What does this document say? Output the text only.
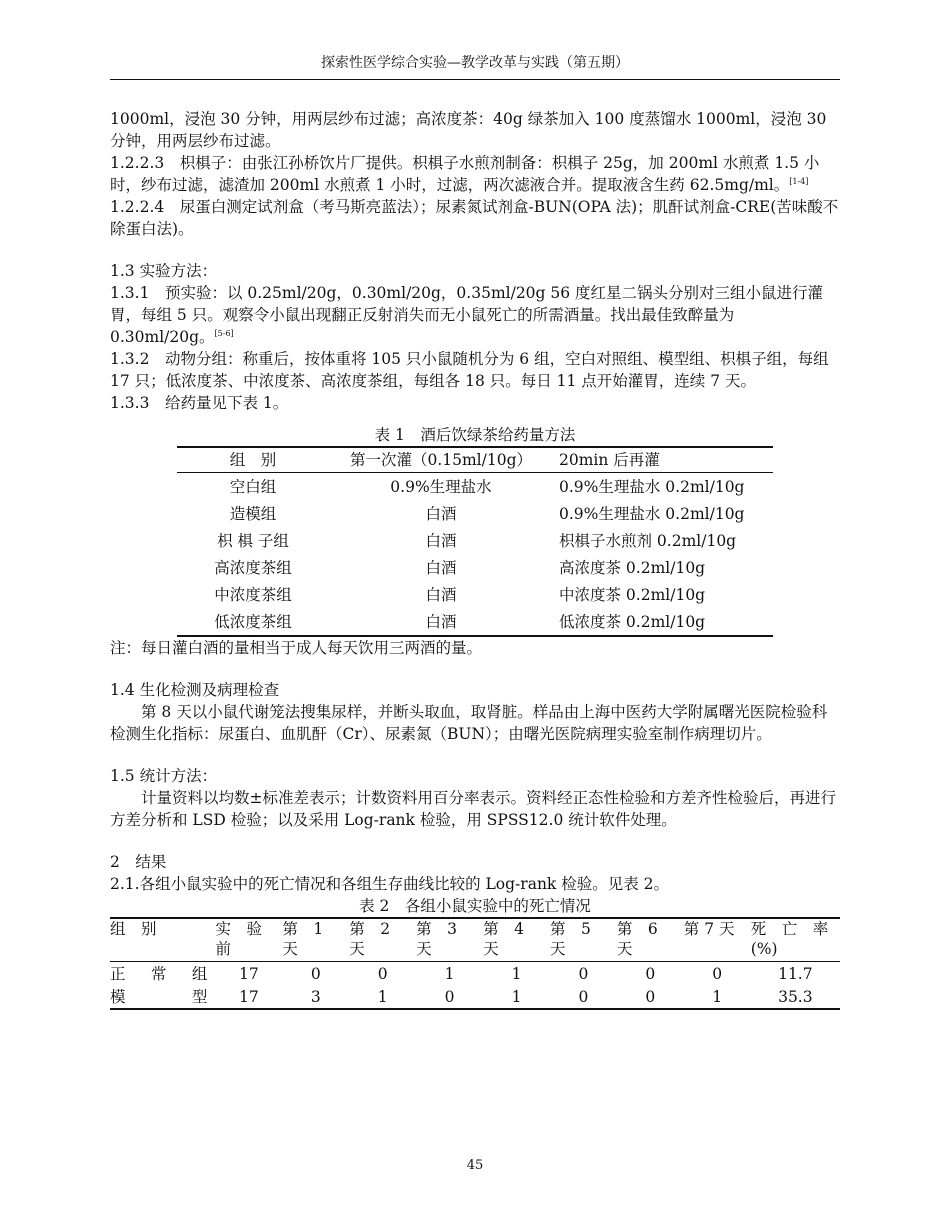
探索性医学综合实验—教学改革与实践（第五期）

1000ml，浸泡 30 分钟，用两层纱布过滤；高浓度茶：40g 绿茶加入 100 度蒸馏水 1000ml，浸泡 30 分钟，用两层纱布过滤。

1.2.2.3　枳椇子：由张江孙桥饮片厂提供。枳椇子水煎剂制备：枳椇子 25g，加 200ml 水煎煮 1.5 小时，纱布过滤，滤渣加 200ml 水煎煮 1 小时，过滤，两次滤液合并。提取液含生药 62.5mg/ml。[1-4]

1.2.2.4　尿蛋白测定试剂盒（考马斯亮蓝法）；尿素氮试剂盒-BUN(OPA 法)；肌酐试剂盒-CRE(苦味酸不除蛋白法)。

1.3 实验方法：

1.3.1　预实验：以 0.25ml/20g，0.30ml/20g，0.35ml/20g 56 度红星二锅头分别对三组小鼠进行灌胃，每组 5 只。观察令小鼠出现翻正反射消失而无小鼠死亡的所需酒量。找出最佳致醉量为 0.30ml/20g。[5-6]

1.3.2　动物分组：称重后，按体重将 105 只小鼠随机分为 6 组，空白对照组、模型组、枳椇子组，每组 17 只；低浓度茶、中浓度茶、高浓度茶组，每组各 18 只。每日 11 点开始灌胃，连续 7 天。

1.3.3　给药量见下表 1。

表 1　酒后饮绿茶给药量方法

组　别	第一次灌（0.15ml/10g）	20min 后再灌
空白组	0.9%生理盐水	0.9%生理盐水 0.2ml/10g
造模组	白酒	0.9%生理盐水 0.2ml/10g
枳 椇 子组	白酒	枳椇子水煎剂 0.2ml/10g
高浓度茶组	白酒	高浓度茶 0.2ml/10g
中浓度茶组	白酒	中浓度茶 0.2ml/10g
低浓度茶组	白酒	低浓度茶 0.2ml/10g

注：每日灌白酒的量相当于成人每天饮用三两酒的量。

1.4 生化检测及病理检查

第 8 天以小鼠代谢笼法搜集尿样，并断头取血，取肾脏。样品由上海中医药大学附属曙光医院检验科检测生化指标：尿蛋白、血肌酐（Cr）、尿素氮（BUN）；由曙光医院病理实验室制作病理切片。

1.5 统计方法：

计量资料以均数±标准差表示；计数资料用百分率表示。资料经正态性检验和方差齐性检验后，再进行方差分析和 LSD 检验；以及采用 Log-rank 检验，用 SPSS12.0 统计软件处理。

2　结果

2.1.各组小鼠实验中的死亡情况和各组生存曲线比较的 Log-rank 检验。见表 2。

表 2　各组小鼠实验中的死亡情况

组　别	实　验　前	第　1　天	第　2　天	第　3　天	第　4　天	第　5　天	第　6　天	第 7 天	死　亡　率 (%)
正常组	17	0	0	1	1	0	0	0	11.7
模型	17	3	1	0	1	0	0	1	35.3
45
